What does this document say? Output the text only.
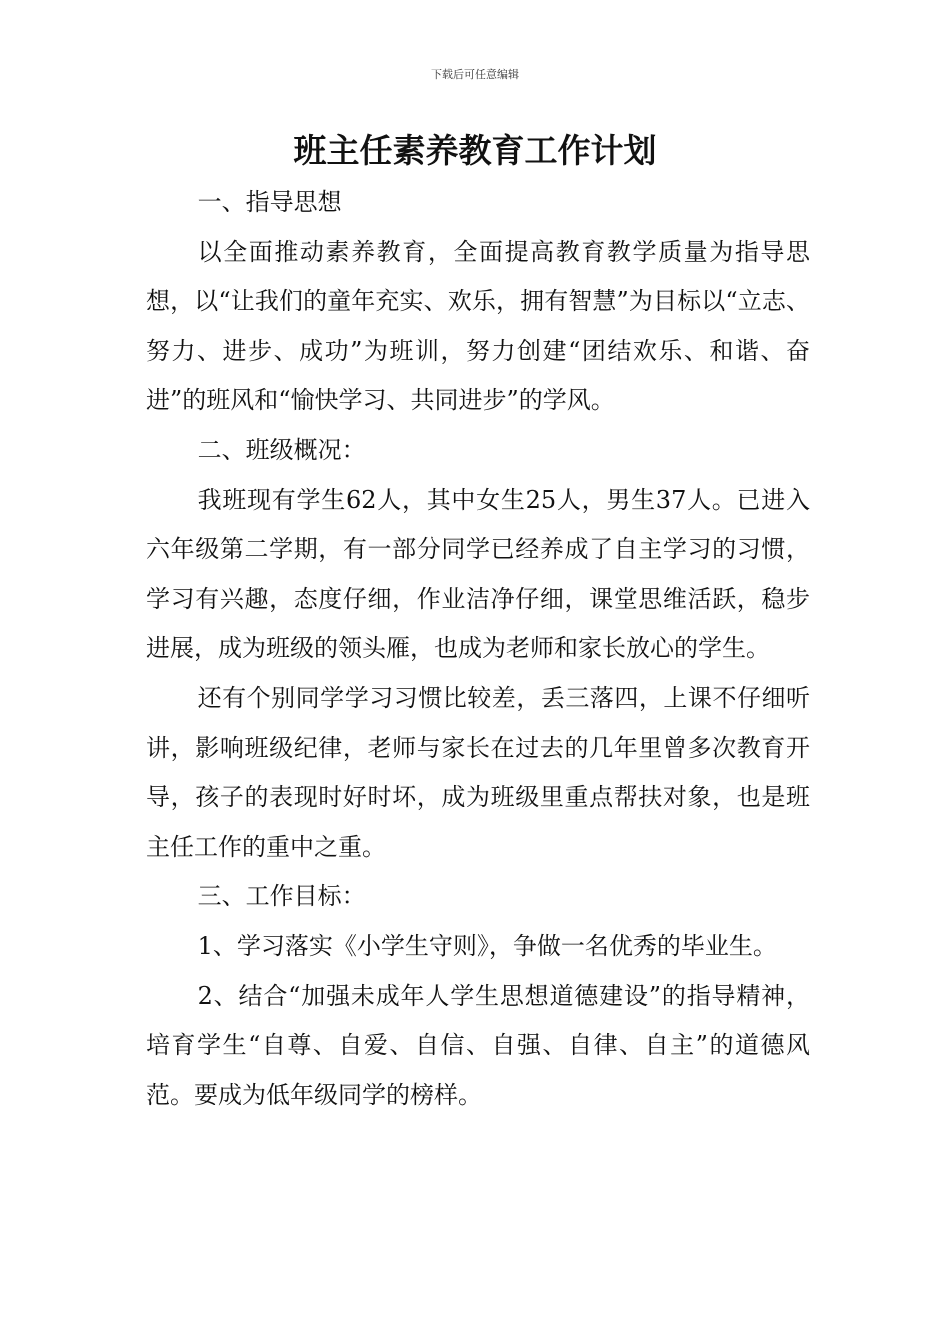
下载后可任意编辑
班主任素养教育工作计划

一、指导思想

以全面推动素养教育，全面提高教育教学质量为指导思想，以“让我们的童年充实、欢乐，拥有智慧”为目标以“立志、努力、进步、成功”为班训，努力创建“团结欢乐、和谐、奋进”的班风和“愉快学习、共同进步”的学风。

二、班级概况：

我班现有学生62人，其中女生25人，男生37人。已进入六年级第二学期，有一部分同学已经养成了自主学习的习惯，学习有兴趣，态度仔细，作业洁净仔细，课堂思维活跃，稳步进展，成为班级的领头雁，也成为老师和家长放心的学生。

还有个别同学学习习惯比较差，丢三落四，上课不仔细听讲，影响班级纪律，老师与家长在过去的几年里曾多次教育开导，孩子的表现时好时坏，成为班级里重点帮扶对象，也是班主任工作的重中之重。

三、工作目标：

1、学习落实《小学生守则》，争做一名优秀的毕业生。

2、结合“加强未成年人学生思想道德建设”的指导精神，培育学生“自尊、自爱、自信、自强、自律、自主”的道德风范。要成为低年级同学的榜样。
